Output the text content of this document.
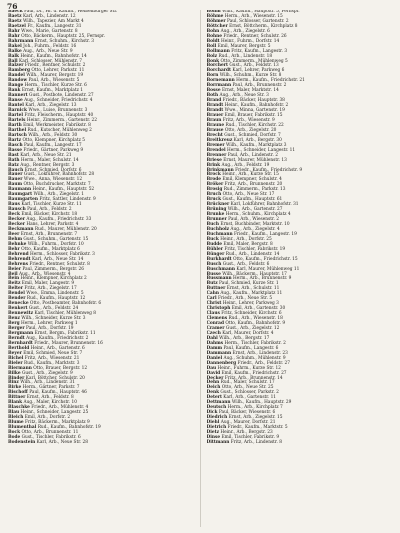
76
Baeck Paul, Dr., Hr. u. Kaufm., Weißenburger Str.
Baetz Karl, Arb., Lindenstr. 12
Baetz Wilh., Tapezier, Am Markt 4
Baetzel Fr., Kaufm., Langestr. 31
Bahr Wwe., Marie, Gartenstr. 8
Bahr Otto, Bäckerm., Hauptstr. 25, Fernspr.
Bahrmann Ernst, Schuhm., Kirchstr. 3
Bakel Joh., Fuhrm., Feldstr. 16
Balke Aug., Arb., Neue Str. 9
Balk Heinr., Kaufm., Bahnhofstr. 14
Ball Karl, Schlosser, Mühlenstr. 7
Balzer Friedr., Rentner, Schulstr. 2
Bamberg Otto, Lehrer, Parkstr. 11
Bandel Wilh., Maurer, Bergstr. 19
Bandow Paul, Arb., Wiesenstr. 5
Bange Herm., Tischler, Kurze Str. 6
Bank Ernst, Kaufm., Marktplatz 1
Bannert Gust., Postbote, Lindenstr. 27
Banse Aug., Schneider, Friedrichstr. 4
Bantel Karl, Arb., Ziegelstr. 13
Barnick Wwe., Luise, Brunnenstr. 3
Bartel Fritz, Fleischerm., Hauptstr. 40
Bartels Heinr., Zimmerm., Gartenstr. 22
Barth Emil, Werkmeister, Fabrikstr. 8
Barthel Rud., Kutscher, Mühlenweg 2
Bartsch Wilh., Arb., Feldstr. 30
Bartz Otto, Klempner, Kirchplatz 5
Basch Paul, Kaufm., Langestr. 17
Basse Friedr., Gärtner, Parkweg 9
Bast Karl, Arb., Neue Str. 21
Bath Herm., Maler, Schulstr. 14
Batz Aug., Rentner, Bergstr. 3
Bauch Ernst, Schmied, Dorfstr. 6
Bauer Gust., Lokführer, Bahnhofstr. 28
Bauer Wwe., Anna, Wiesenstr. 12
Baum Otto, Buchdrucker, Marktstr. 7
Baumann Heinr., Kaufm., Hauptstr. 52
Baumgart Wilh., Arb., Ziegelstr. 1
Baumgarten Fritz, Sattler, Lindenstr. 9
Baus Karl, Tischler, Kurze Str. 11
Bausch Paul, Arb., Feldstr. 2
Beck Emil, Bäcker, Kirchstr. 18
Becker Aug., Kaufm., Friedrichstr. 33
Becker Hans, Lehrer, Parkstr. 4
Beckmann Rud., Maurer, Mühlenstr. 20
Beer Ernst, Arb., Brunnenstr. 7
Behm Gust., Schuhm., Gartenstr. 15
Behnke Wilh., Fuhrm., Dorfstr. 10
Behr Otto, Kaufm., Marktplatz 6
Behrend Herm., Schlosser, Fabrikstr. 3
Behrendt Karl, Arb., Neue Str. 14
Behrens Friedr., Rentner, Schulstr. 8
Beier Paul, Zimmerm., Bergstr. 26
Beil Aug., Arb., Wiesenstr. 4
Bein Heinr., Klempner, Kirchplatz 2
Beitz Emil, Maler, Langestr. 9
Belter Fritz, Arb., Ziegelstr. 17
Bendel Wwe., Emma, Lindenstr. 5
Bender Rud., Kaufm., Hauptstr. 12
Benecke Otto, Postbeamter, Bahnhofstr. 6
Benkert Gust., Arb., Feldstr. 24
Bennewitz Karl, Tischler, Mühlenweg 8
Benz Wilh., Schneider, Kurze Str. 3
Berg Herm., Lehrer, Parkweg 1
Berger Paul, Arb., Dorfstr. 19
Bergmann Ernst, Bergm., Fabrikstr. 11
Berndt Aug., Kaufm., Friedrichstr. 2
Bernhardt Friedr., Maurer, Brunnenstr. 16
Berthold Heinr., Arb., Gartenstr. 6
Beyer Emil, Schmied, Neue Str. 7
Bichel Fritz, Arb., Wiesenstr. 21
Bieler Rud., Kaufm., Marktstr. 3
Biermann Otto, Brauer, Bergstr. 12
Bilke Gust., Arb., Ziegelstr. 9
Binder Karl, Böttcher, Schulstr. 20
Binz Wilh., Arb., Lindenstr. 31
Birke Herm., Gärtner, Parkstr. 7
Bischoff Paul, Kaufm., Hauptstr. 46
Bittner Ernst, Arb., Feldstr. 8
Blank Aug., Maler, Kirchstr. 10
Blaschke Friedr., Arb., Mühlenstr. 4
Blau Heinr., Schneider, Langestr. 25
Bleich Emil, Arb., Dorfstr. 2
Blume Fritz, Bäckerm., Marktplatz 9
Blumenthal Rud., Kaufm., Bahnhofstr. 19
Bock Otto, Arb., Brunnenstr. 11
Bode Gust., Tischler, Fabrikstr. 6
Bodenstein Karl, Arb., Neue Str. 28
Böhm Wilh., Kaufm., Hauptstr. 5, Fernspr.
Böhme Herm., Arb., Wiesenstr. 15
Böhmer Paul, Schlosser, Gartenstr. 2
Böttcher Ernst, Böttcherm., Kirchplatz 8
Bohn Aug., Arb., Ziegelstr. 6
Bohne Friedr., Rentner, Schulstr. 26
Boldt Heinr., Fuhrm., Dorfstr. 14
Boll Emil, Maurer, Bergstr. 5
Bollmann Fritz, Kaufm., Langestr. 3
Bolz Rud., Arb., Lindenstr. 18
Bonk Otto, Zimmerm., Mühlenweg 5
Borchert Gust., Arb., Feldstr. 13
Borchardt Karl, Lehrer, Parkweg 6
Born Wilh., Schuhm., Kurze Str. 8
Bornemann Herm., Kaufm., Friedrichstr. 21
Borrmann Paul, Arb., Brunnenstr. 2
Bosse Ernst, Maler, Marktstr. 14
Both Aug., Arb., Neue Str. 3
Brand Friedr., Bäcker, Hauptstr. 38
Brandt Heinr., Kaufm., Bahnhofstr. 2
Brandt Wwe., Minna, Gartenstr. 19
Brauer Emil, Brauer, Fabrikstr. 15
Braun Fritz, Arb., Wiesenstr. 9
Braune Rud., Tischler, Kirchstr. 22
Brause Otto, Arb., Ziegelstr. 20
Brecht Gust., Schmied, Dorfstr. 7
Breitkreuz Karl, Arb., Bergstr. 30
Bremer Wilh., Kaufm., Marktplatz 3
Brendel Herm., Schneider, Langestr. 11
Brenner Paul, Arb., Lindenstr. 2
Briese Ernst, Maurer, Mühlenstr. 13
Brink Aug., Arb., Feldstr. 19
Brinkmann Friedr., Kaufm., Friedrichstr. 9
Brock Heinr., Arb., Kurze Str. 15
Brode Emil, Klempner, Schulstr. 4
Bröker Fritz, Arb., Brunnenstr. 20
Brosig Rud., Zimmerm., Parkstr. 13
Bruch Otto, Arb., Neue Str. 17
Bruck Gust., Kaufm., Hauptstr. 61
Brückner Karl, Lokführer, Bahnhofstr. 31
Brüning Wilh., Arb., Gartenstr. 27
Brunke Herm., Schuhm., Kirchplatz 4
Brunner Paul, Arb., Wiesenstr. 2
Buch Ernst, Buchbinder, Marktstr. 10
Buchholz Aug., Arb., Ziegelstr. 4
Buchmann Friedr., Kaufm., Langestr. 19
Buck Heinr., Arb., Dorfstr. 25
Budde Emil, Maler, Bergstr. 8
Bühler Fritz, Tischler, Fabrikstr. 19
Bünger Rud., Arb., Lindenstr. 14
Burkhardt Otto, Kaufm., Friedrichstr. 15
Busch Gust., Arb., Feldstr. 6
Buschmann Karl, Maurer, Mühlenweg 11
Busse Wilh., Bäckerm., Hauptstr. 17
Bussmann Herm., Arb., Brunnenstr. 9
Butz Paul, Schmied, Kurze Str. 1
Buttner Ernst, Arb., Schulstr. 11
Cahn Aug., Kaufm., Marktplatz 11
Carl Friedr., Arb., Neue Str. 5
Christ Heinr., Lehrer, Parkweg 3
Christoph Emil, Arb., Gartenstr. 30
Claus Fritz, Schneider, Kirchstr. 6
Clemens Rud., Arb., Wiesenstr. 18
Conrad Otto, Kaufm., Bahnhofstr. 9
Cramer Gust., Arb., Ziegelstr. 12
Czech Karl, Maurer, Dorfstr. 4
Dahl Wilh., Arb., Bergstr. 17
Dahms Herm., Tischler, Fabrikstr. 2
Damm Paul, Kaufm., Langestr. 6
Dammann Ernst, Arb., Lindenstr. 23
Daniel Aug., Schuhm., Mühlenstr. 9
Dannenberg Friedr., Arb., Feldstr. 27
Dau Heinr., Fuhrm., Kurze Str. 12
David Emil, Kaufm., Friedrichstr. 27
Decker Fritz, Arb., Brunnenstr. 14
Dehn Rud., Maler, Schulstr. 17
Deich Otto, Arb., Neue Str. 25
Denk Gust., Schlosser, Parkstr. 2
Detert Karl, Arb., Gartenstr. 11
Dettmann Wilh., Kaufm., Hauptstr. 29
Deutsch Herm., Arb., Kirchplatz 7
Dick Paul, Bäcker, Wiesenstr. 6
Diedrich Ernst, Arb., Ziegelstr. 15
Diehl Aug., Maurer, Dorfstr. 21
Dietrich Friedr., Kaufm., Marktstr. 5
Dietz Heinr., Arb., Bergstr. 23
Dinse Emil, Tischler, Fabrikstr. 9
Dittmann Fritz, Arb., Lindenstr. 8
